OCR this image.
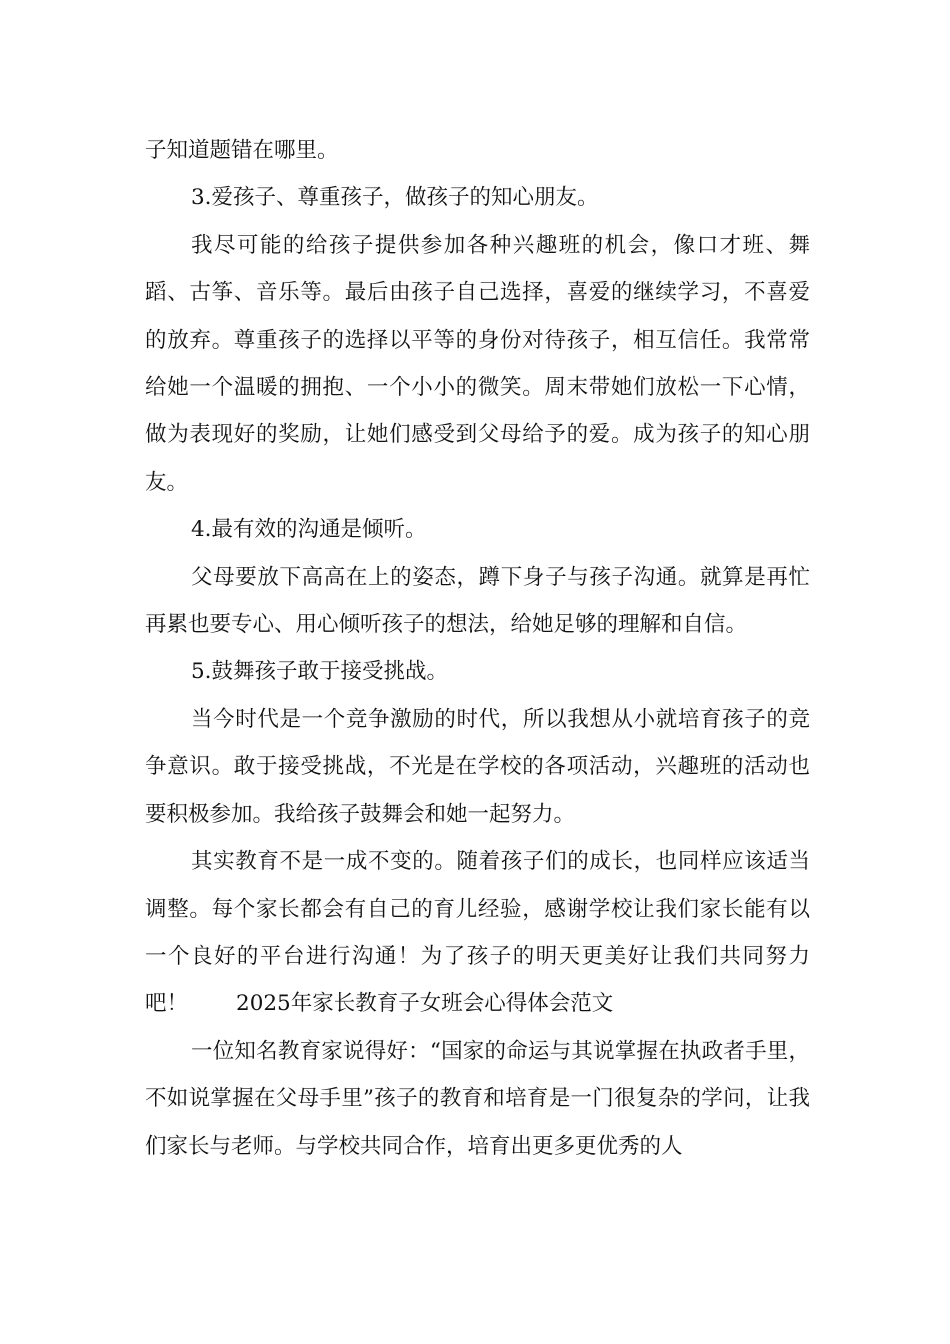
子知道题错在哪里。

3.爱孩子、尊重孩子，做孩子的知心朋友。

我尽可能的给孩子提供参加各种兴趣班的机会，像口才班、舞蹈、古筝、音乐等。最后由孩子自己选择，喜爱的继续学习，不喜爱的放弃。尊重孩子的选择以平等的身份对待孩子，相互信任。我常常给她一个温暖的拥抱、一个小小的微笑。周末带她们放松一下心情，做为表现好的奖励，让她们感受到父母给予的爱。成为孩子的知心朋友。

4.最有效的沟通是倾听。

父母要放下高高在上的姿态，蹲下身子与孩子沟通。就算是再忙再累也要专心、用心倾听孩子的想法，给她足够的理解和自信。

5.鼓舞孩子敢于接受挑战。

当今时代是一个竞争激励的时代，所以我想从小就培育孩子的竞争意识。敢于接受挑战，不光是在学校的各项活动，兴趣班的活动也要积极参加。我给孩子鼓舞会和她一起努力。

其实教育不是一成不变的。随着孩子们的成长，也同样应该适当调整。每个家长都会有自己的育儿经验，感谢学校让我们家长能有以一个良好的平台进行沟通！为了孩子的明天更美好让我们共同努力吧！ 2025年家长教育子女班会心得体会范文

一位知名教育家说得好：“国家的命运与其说掌握在执政者手里，不如说掌握在父母手里”孩子的教育和培育是一门很复杂的学问，让我们家长与老师。与学校共同合作，培育出更多更优秀的人
